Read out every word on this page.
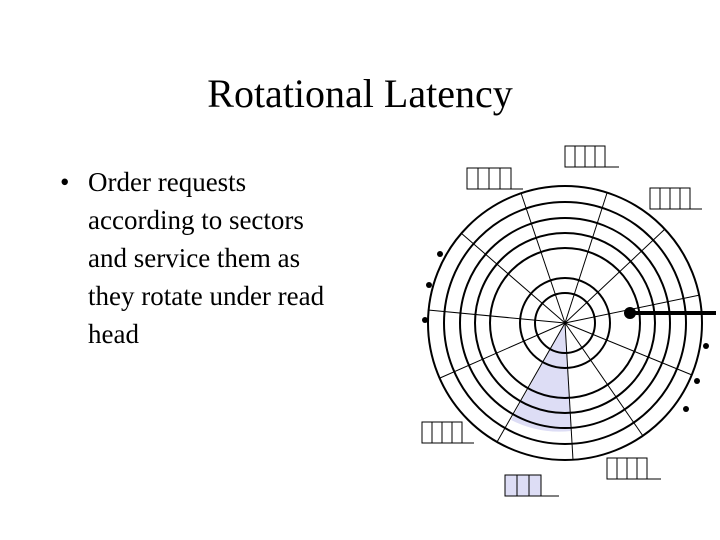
Rotational Latency
• Order requests
according to sectors
and service them as
they rotate under read
head
